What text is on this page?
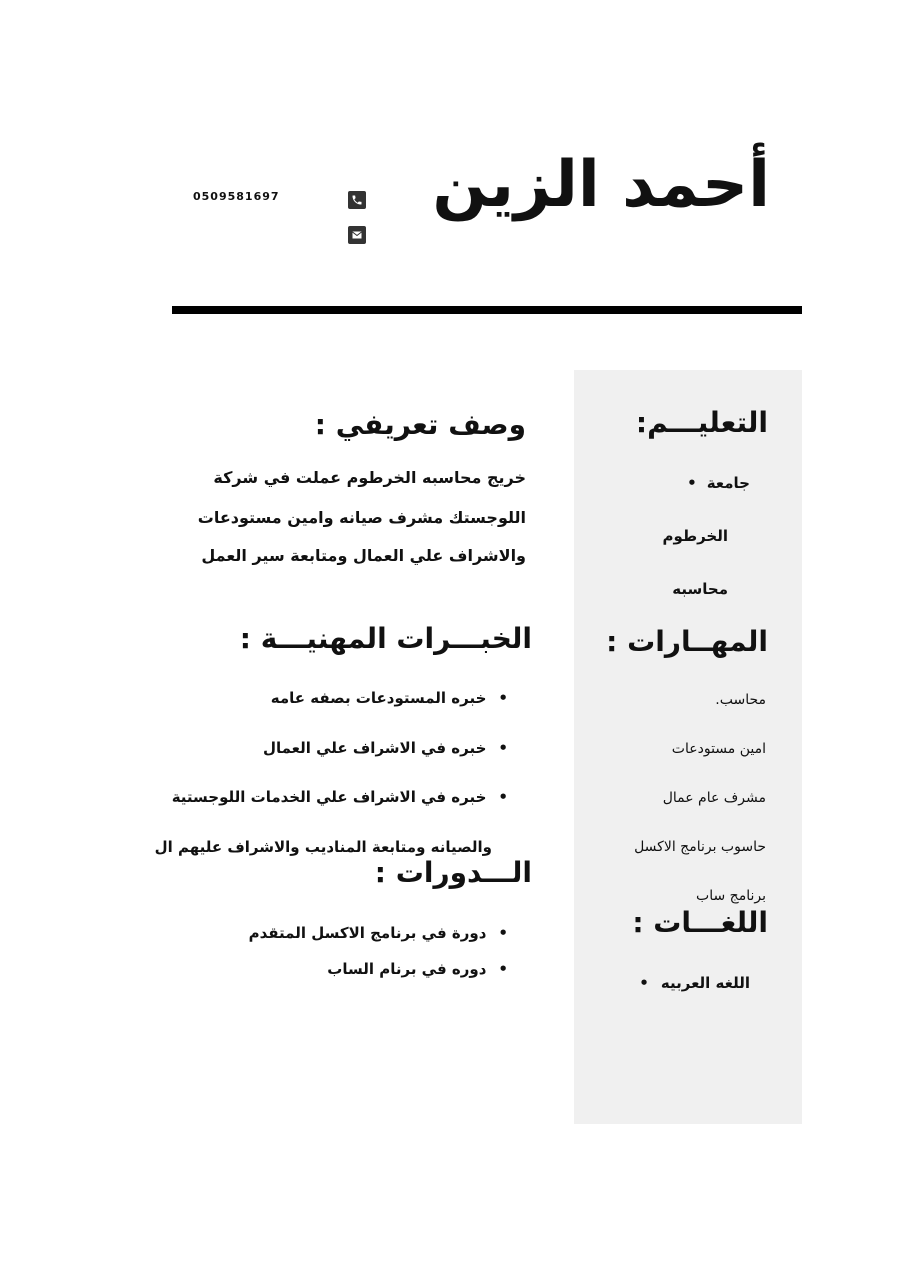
أحمد الزين
0509581697
التعليـــم:
جامعة•
الخرطوم
محاسبه
المهــارات :
محاسب.
امين مستودعات
مشرف عام عمال
حاسوب برنامج الاكسل
برنامج ساب
اللغـــات :
اللغه العربيه•
وصف تعريفي :
خريج محاسبه الخرطوم عملت في شركة
اللوجستك مشرف صيانه وامين مستودعات
والاشراف علي العمال ومتابعة سير العمل
الخبـــرات المهنيـــة :
•خبره المستودعات بصفه عامه
•خبره في الاشراف علي العمال
•خبره في الاشراف علي الخدمات اللوجستية
والصيانه ومتابعة المناديب والاشراف عليهم ال
الـــدورات :
•دورة في برنامج الاكسل المتقدم
•دوره في برنام الساب
